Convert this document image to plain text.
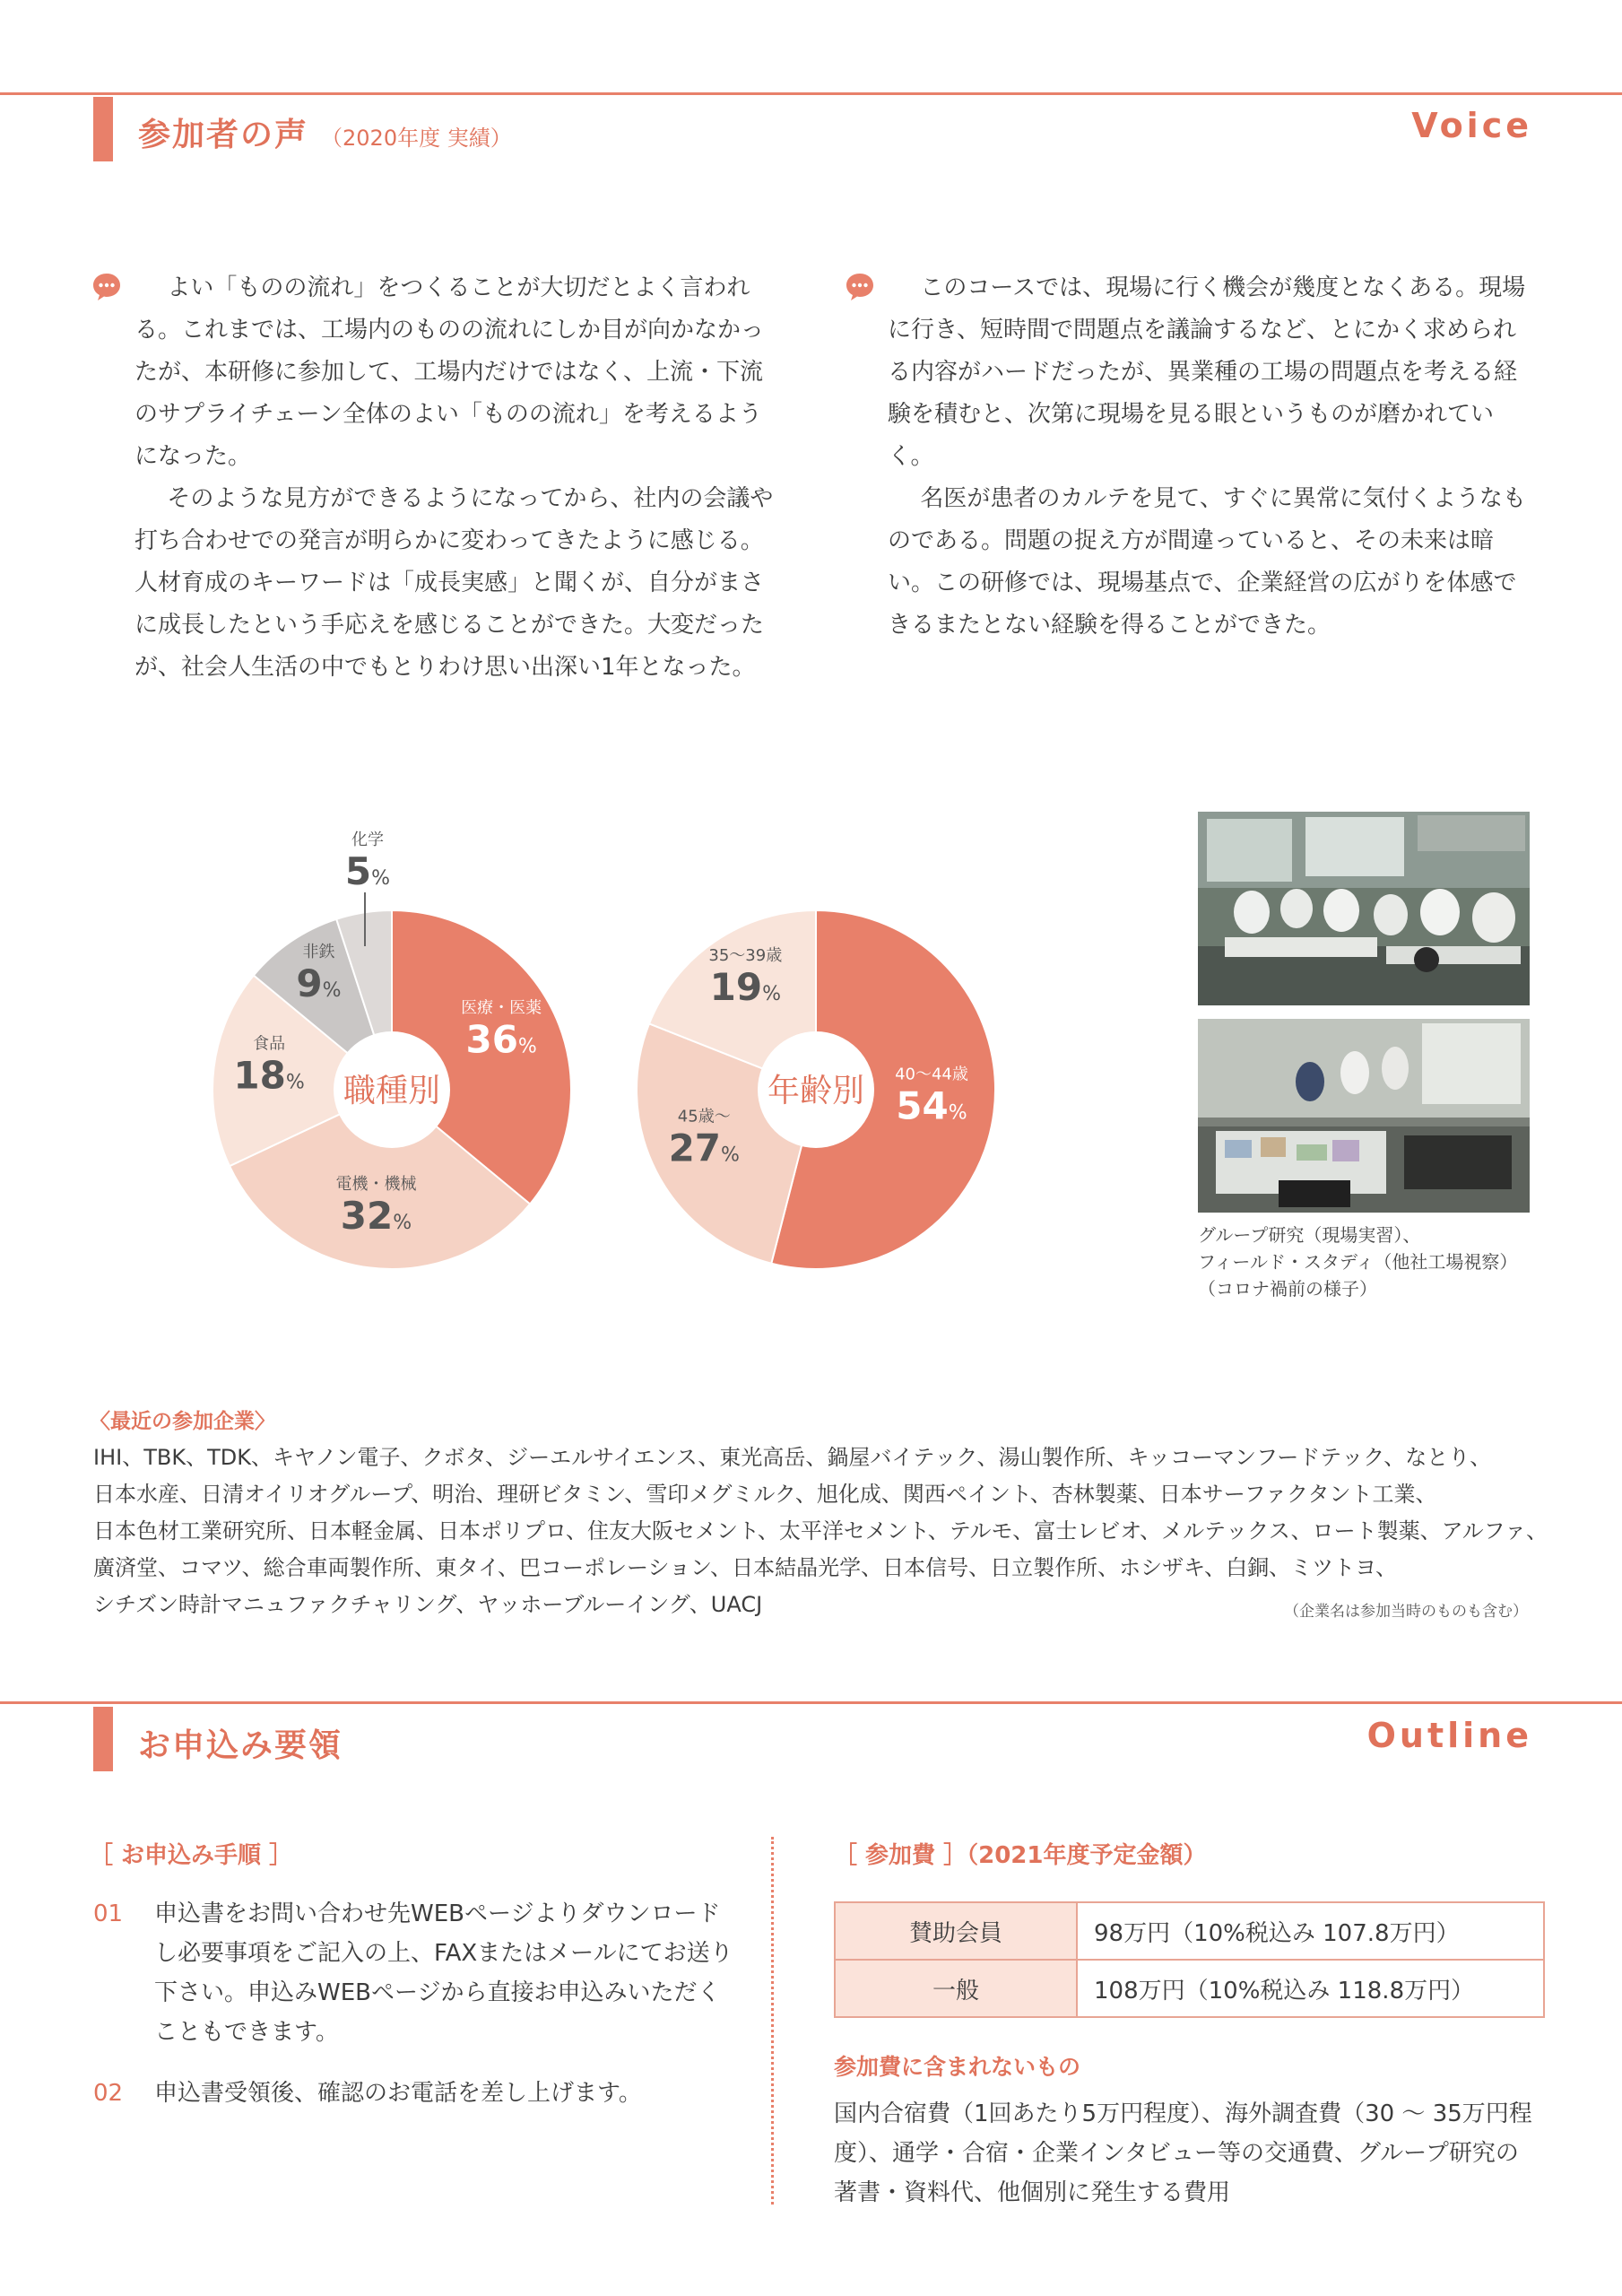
参加者の声 （2020年度 実績）	Voice

よい「ものの流れ」をつくることが大切だとよく言われる。これまでは、工場内のものの流れにしか目が向かなかったが、本研修に参加して、工場内だけではなく、上流・下流のサプライチェーン全体のよい「ものの流れ」を考えるようになった。

そのような見方ができるようになってから、社内の会議や打ち合わせでの発言が明らかに変わってきたように感じる。人材育成のキーワードは「成長実感」と聞くが、自分がまさに成長したという手応えを感じることができた。大変だったが、社会人生活の中でもとりわけ思い出深い1年となった。

このコースでは、現場に行く機会が幾度となくある。現場に行き、短時間で問題点を議論するなど、とにかく求められる内容がハードだったが、異業種の工場の問題点を考える経験を積むと、次第に現場を見る眼というものが磨かれていく。

名医が患者のカルテを見て、すぐに異常に気付くようなものである。問題の捉え方が間違っていると、その未来は暗い。この研修では、現場基点で、企業経営の広がりを体感できるまたとない経験を得ることができた。

職種別
医療・医薬
36%
電機・機械
32%
食品
18%
非鉄
9%
化学
5%
年齢別 40～44歳
54%
45歳～
27%
35～39歳
19%
グループ研究（現場実習）、
フィールド・スタディ（他社工場視察）
（コロナ禍前の様子）
〈最近の参加企業〉
IHI、TBK、TDK、キヤノン電子、クボタ、ジーエルサイエンス、東光高岳、鍋屋バイテック、湯山製作所、キッコーマンフードテック、なとり、
日本水産、日清オイリオグループ、明治、理研ビタミン、雪印メグミルク、旭化成、関西ペイント、杏林製薬、日本サーファクタント工業、
日本色材工業研究所、日本軽金属、日本ポリプロ、住友大阪セメント、太平洋セメント、テルモ、富士レビオ、メルテックス、ロート製薬、アルファ、
廣済堂、コマツ、総合車両製作所、東タイ、巴コーポレーション、日本結晶光学、日本信号、日立製作所、ホシザキ、白銅、ミツトヨ、
シチズン時計マニュファクチャリング、ヤッホーブルーイング、UACJ	（企業名は参加当時のものも含む）
お申込み要領	Outline
［ お申込み手順 ］
01 申込書をお問い合わせ先WEBページよりダウンロードし必要事項をご記入の上、FAXまたはメールにてお送り下さい。申込みWEBページから直接お申込みいただくこともできます。
02 申込書受領後、確認のお電話を差し上げます。
［ 参加費 ］（2021年度予定金額）
賛助会員	98万円（10%税込み 107.8万円）
一般	108万円（10%税込み 118.8万円）
参加費に含まれないもの
国内合宿費（1回あたり5万円程度）、海外調査費（30 ～ 35万円程度）、通学・合宿・企業インタビュー等の交通費、グループ研究の著書・資料代、他個別に発生する費用
